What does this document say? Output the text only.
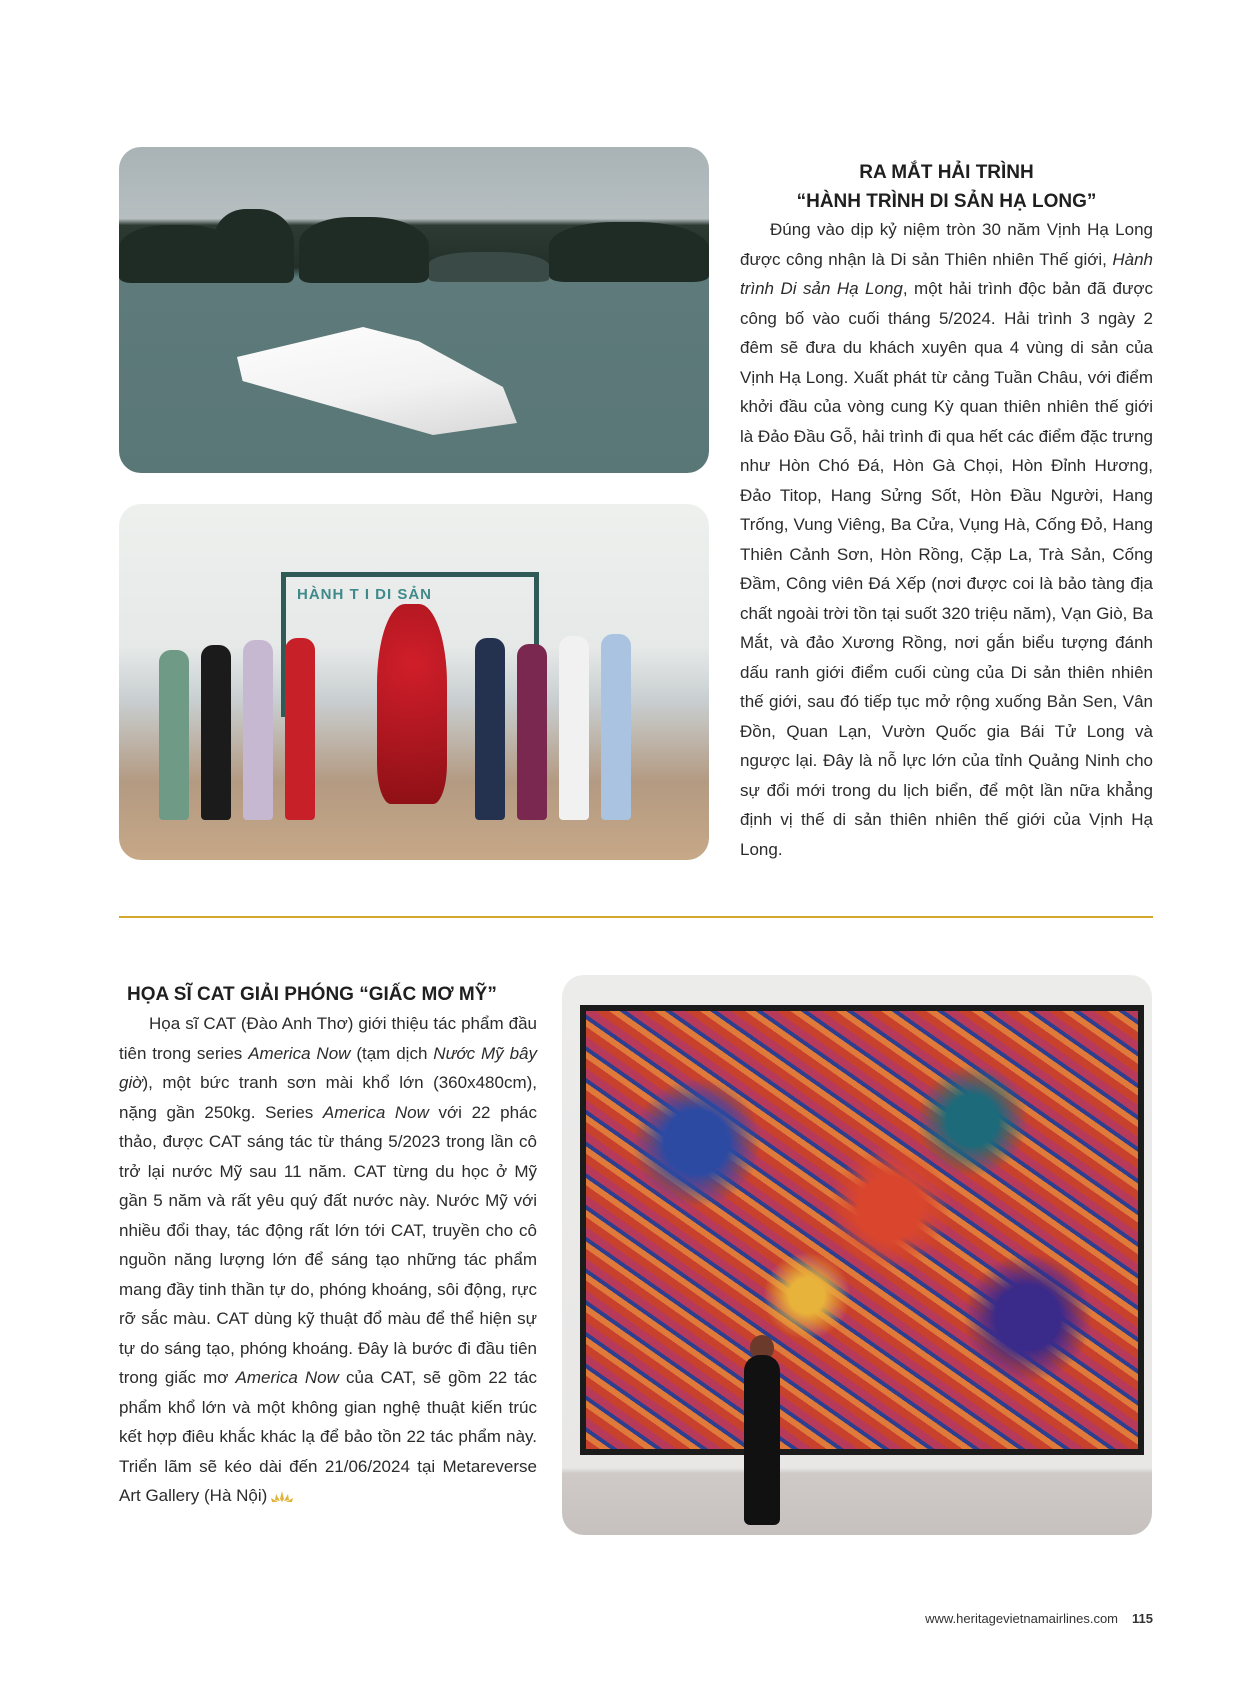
HÀNH T I DI SẢN
RA MẮT HẢI TRÌNH
“HÀNH TRÌNH DI SẢN HẠ LONG”
Đúng vào dịp kỷ niệm tròn 30 năm Vịnh Hạ Long được công nhận là Di sản Thiên nhiên Thế giới, Hành trình Di sản Hạ Long, một hải trình độc bản đã được công bố vào cuối tháng 5/2024. Hải trình 3 ngày 2 đêm sẽ đưa du khách xuyên qua 4 vùng di sản của Vịnh Hạ Long. Xuất phát từ cảng Tuần Châu, với điểm khởi đầu của vòng cung Kỳ quan thiên nhiên thế giới là Đảo Đầu Gỗ, hải trình đi qua hết các điểm đặc trưng như Hòn Chó Đá, Hòn Gà Chọi, Hòn Đỉnh Hương, Đảo Titop, Hang Sửng Sốt, Hòn Đầu Người, Hang Trống, Vung Viêng, Ba Cửa, Vụng Hà, Cống Đỏ, Hang Thiên Cảnh Sơn, Hòn Rồng, Cặp La, Trà Sản, Cống Đầm, Công viên Đá Xếp (nơi được coi là bảo tàng địa chất ngoài trời tồn tại suốt 320 triệu năm), Vạn Giò, Ba Mắt, và đảo Xương Rồng, nơi gắn biểu tượng đánh dấu ranh giới điểm cuối cùng của Di sản thiên nhiên thế giới, sau đó tiếp tục mở rộng xuống Bản Sen, Vân Đồn, Quan Lạn, Vườn Quốc gia Bái Tử Long và ngược lại. Đây là nỗ lực lớn của tỉnh Quảng Ninh cho sự đổi mới trong du lịch biển, để một lần nữa khẳng định vị thế di sản thiên nhiên thế giới của Vịnh Hạ Long.
HỌA SĨ CAT GIẢI PHÓNG “GIẤC MƠ MỸ”
Họa sĩ CAT (Đào Anh Thơ) giới thiệu tác phẩm đầu tiên trong series America Now (tạm dịch Nước Mỹ bây giờ), một bức tranh sơn mài khổ lớn (360x480cm), nặng gần 250kg. Series America Now với 22 phác thảo, được CAT sáng tác từ tháng 5/2023 trong lần cô trở lại nước Mỹ sau 11 năm. CAT từng du học ở Mỹ gần 5 năm và rất yêu quý đất nước này. Nước Mỹ với nhiều đổi thay, tác động rất lớn tới CAT, truyền cho cô nguồn năng lượng lớn để sáng tạo những tác phẩm mang đầy tinh thần tự do, phóng khoáng, sôi động, rực rỡ sắc màu. CAT dùng kỹ thuật đổ màu để thể hiện sự tự do sáng tạo, phóng khoáng. Đây là bước đi đầu tiên trong giấc mơ America Now của CAT, sẽ gồm 22 tác phẩm khổ lớn và một không gian nghệ thuật kiến trúc kết hợp điêu khắc khác lạ để bảo tồn 22 tác phẩm này. Triển lãm sẽ kéo dài đến 21/06/2024 tại Metareverse Art Gallery (Hà Nội)
www.heritagevietnamairlines.com 115
